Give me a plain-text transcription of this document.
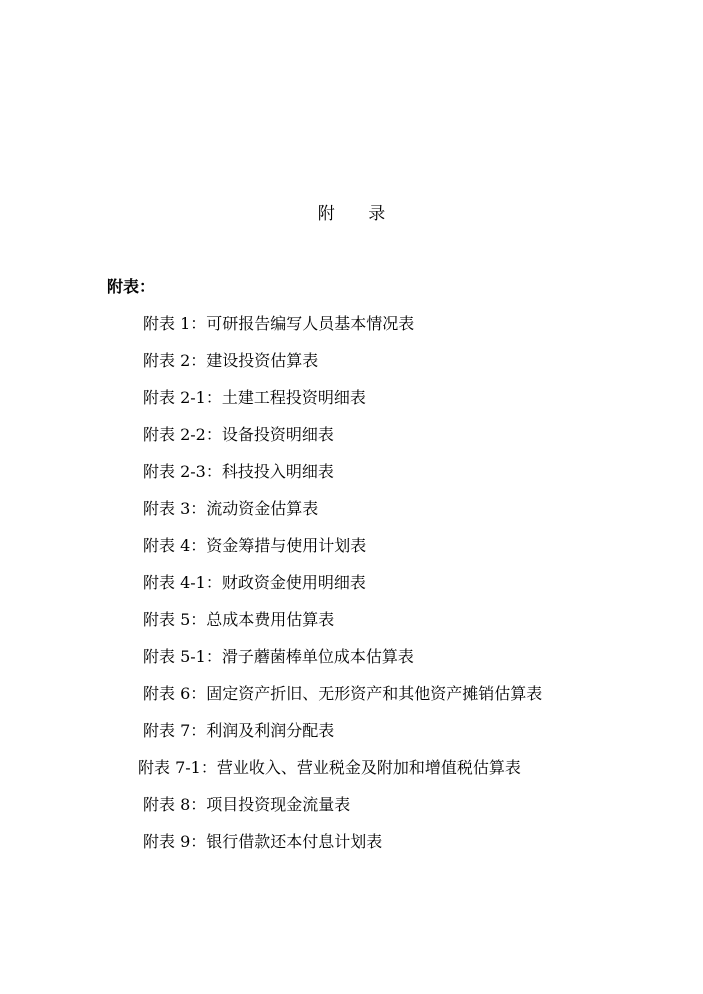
附 录
附表：
附表 1：可研报告编写人员基本情况表
附表 2：建设投资估算表
附表 2-1：土建工程投资明细表
附表 2-2：设备投资明细表
附表 2-3：科技投入明细表
附表 3：流动资金估算表
附表 4：资金筹措与使用计划表
附表 4-1：财政资金使用明细表
附表 5：总成本费用估算表
附表 5-1：滑子蘑菌棒单位成本估算表
附表 6：固定资产折旧、无形资产和其他资产摊销估算表
附表 7：利润及利润分配表
附表 7-1：营业收入、营业税金及附加和增值税估算表
附表 8：项目投资现金流量表
附表 9：银行借款还本付息计划表
